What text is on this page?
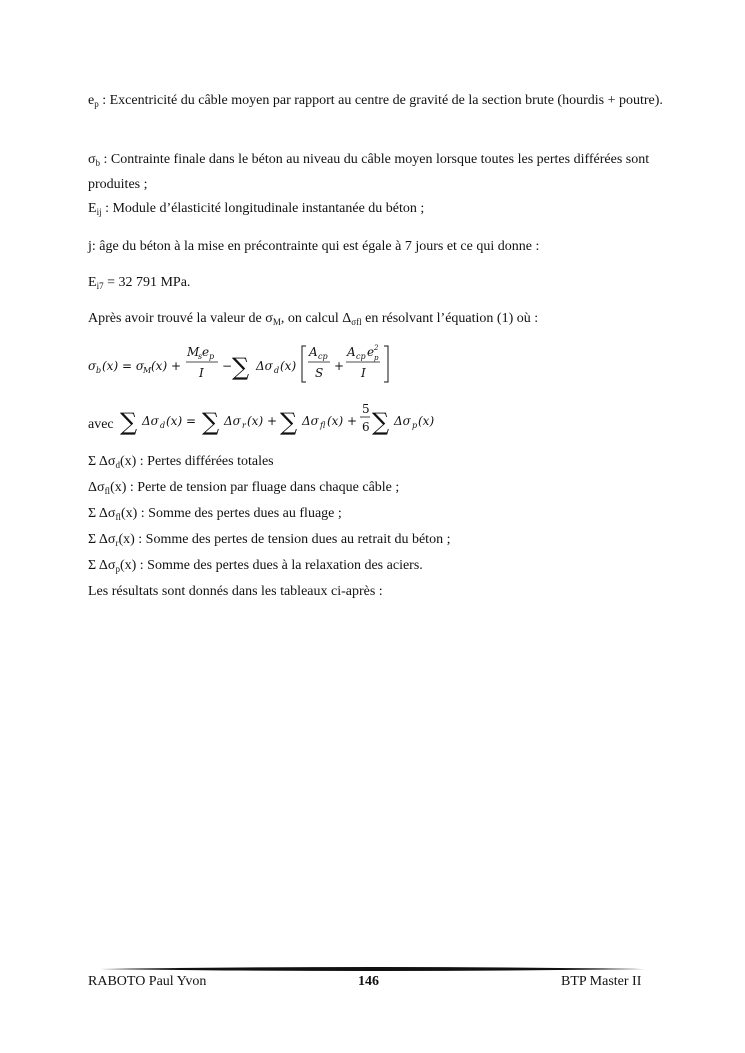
$e_p$ : Excentricité du câble moyen par rapport au centre de gravité de la section brute (hourdis + poutre).
$\sigma_b$ : Contrainte finale dans le béton au niveau du câble moyen lorsque toutes les pertes différées sont produites ;
$E_{ij}$ : Module d’élasticité longitudinale instantanée du béton ;
j: âge du béton à la mise en précontrainte qui est égale à 7 jours et ce qui donne :
$E_{i7} = 32$ 791 MPa.
Après avoir trouvé la valeur de $\sigma_M$, on calcul $\Delta_{\sigma fl}$ en résolvant l’équation (1) où :
σ b (x) = σ
M (x) +
M
s e p
I − ∑ Δσ d (x)
A cp
S +
A cp e 2
p
I
avec ∑ Δσ d (x) = ∑ Δσ r (x) + ∑ Δσ fl (x) +
5
6 ∑ Δσ p (x)
Σ $\Delta\sigma_d(x)$ : Pertes différées totales
$\Delta\sigma_{fl}(x)$ : Perte de tension par fluage dans chaque câble ;
Σ $\Delta\sigma_{fl}(x)$ : Somme des pertes dues au fluage ;
Σ $\Delta\sigma_r(x)$ : Somme des pertes de tension dues au retrait du béton ;
Σ $\Delta\sigma_p(x)$ : Somme des pertes dues à la relaxation des aciers.
Les résultats sont donnés dans les tableaux ci-après :
RABOTO Paul Yvon	146	BTP Master II
